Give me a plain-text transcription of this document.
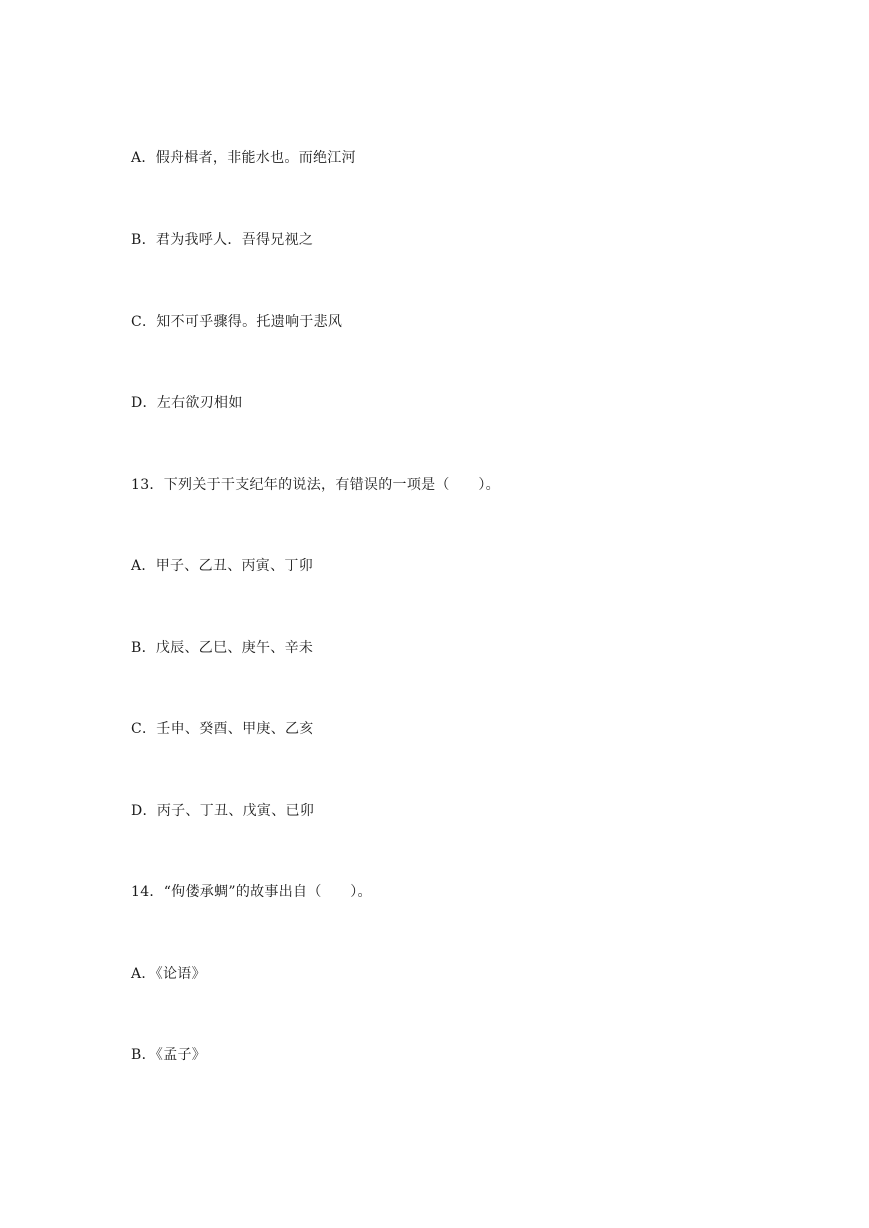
A．假舟楫者，非能水也。而绝江河
B．君为我呼人．吾得兄视之
C．知不可乎骤得。托遗响于悲风
D．左右欲刃相如
13．下列关于干支纪年的说法，有错误的一项是（　　）。
A．甲子、乙丑、丙寅、丁卯
B．戊辰、乙巳、庚午、辛未
C．壬申、癸酉、甲庚、乙亥
D．丙子、丁丑、戊寅、已卯
14．“佝偻承蜩”的故事出自（　　）。
A．《论语》
B．《孟子》
